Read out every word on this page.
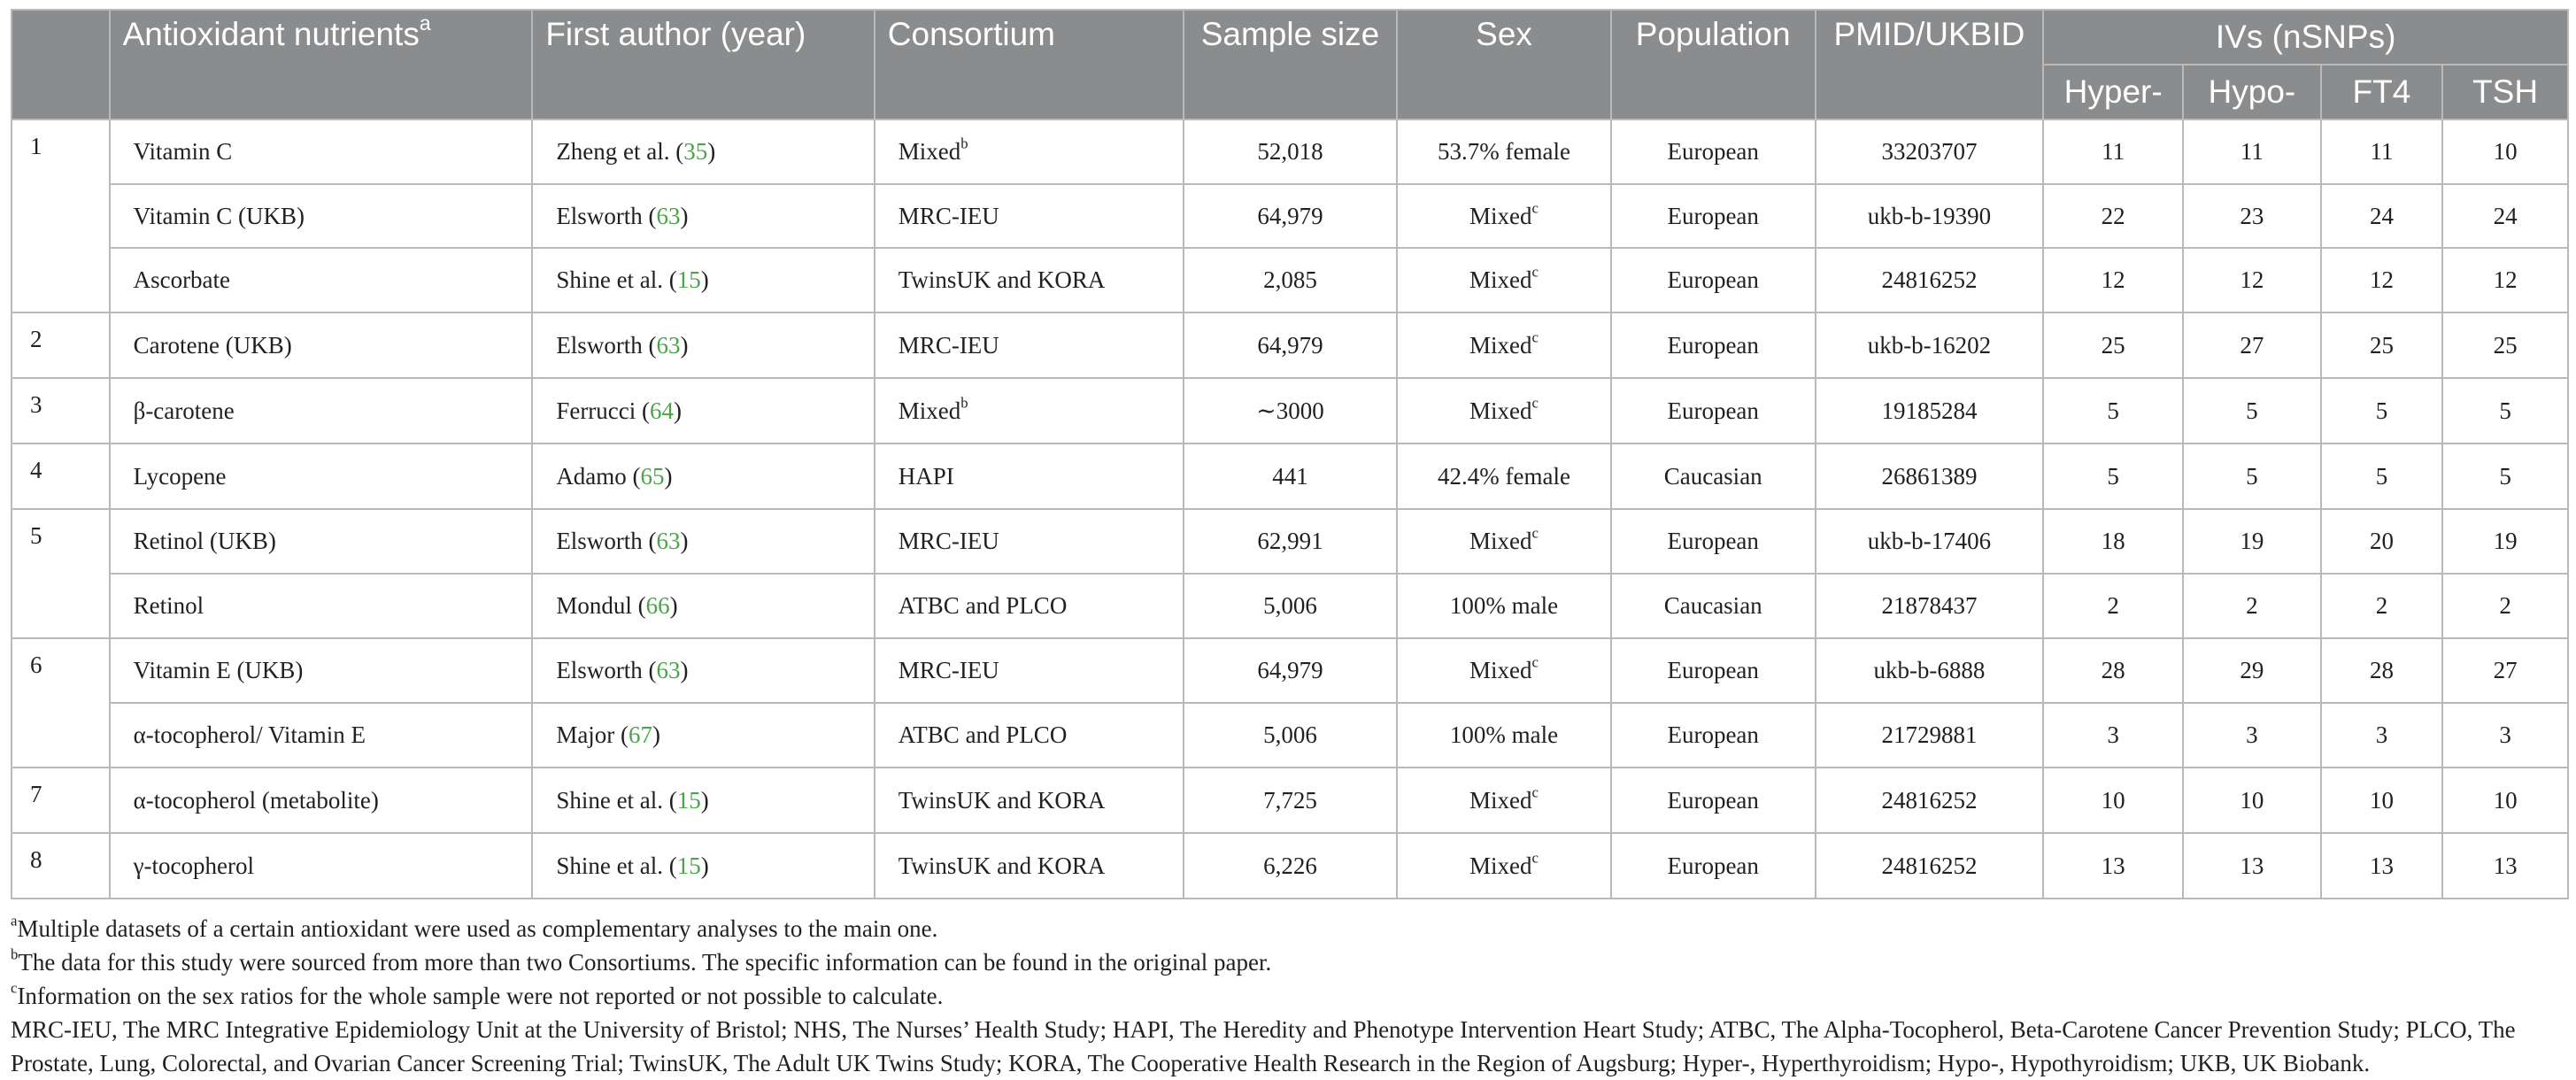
	Antioxidant nutrients$^a$	First author (year)	Consortium	Sample size	Sex	Population	PMID/UKBID	IVs (nSNPs)			
								Hyper-	Hypo-	FT4	TSH
1	Vitamin C	Zheng et al. (35)	Mixed$^b$	52,018	53.7% female	European	33203707	11	11	11	10
	Vitamin C (UKB)	Elsworth (63)	MRC-IEU	64,979	Mixed$^c$	European	ukb-b-19390	22	23	24	24
	Ascorbate	Shine et al. (15)	TwinsUK and KORA	2,085	Mixed$^c$	European	24816252	12	12	12	12
2	Carotene (UKB)	Elsworth (63)	MRC-IEU	64,979	Mixed$^c$	European	ukb-b-16202	25	27	25	25
3	β-carotene	Ferrucci (64)	Mixed$^b$	∼3000	Mixed$^c$	European	19185284	5	5	5	5
4	Lycopene	Adamo (65)	HAPI	441	42.4% female	Caucasian	26861389	5	5	5	5
5	Retinol (UKB)	Elsworth (63)	MRC-IEU	62,991	Mixed$^c$	European	ukb-b-17406	18	19	20	19
	Retinol	Mondul (66)	ATBC and PLCO	5,006	100% male	Caucasian	21878437	2	2	2	2
6	Vitamin E (UKB)	Elsworth (63)	MRC-IEU	64,979	Mixed$^c$	European	ukb-b-6888	28	29	28	27
	α-tocopherol/ Vitamin E	Major (67)	ATBC and PLCO	5,006	100% male	European	21729881	3	3	3	3
7	α-tocopherol (metabolite)	Shine et al. (15)	TwinsUK and KORA	7,725	Mixed$^c$	European	24816252	10	10	10	10
8	γ-tocopherol	Shine et al. (15)	TwinsUK and KORA	6,226	Mixed$^c$	European	24816252	13	13	13	13

$^a$Multiple datasets of a certain antioxidant were used as complementary analyses to the main one.

$^b$The data for this study were sourced from more than two Consortiums. The specific information can be found in the original paper.

$^c$Information on the sex ratios for the whole sample were not reported or not possible to calculate.

MRC-IEU, The MRC Integrative Epidemiology Unit at the University of Bristol; NHS, The Nurses’ Health Study; HAPI, The Heredity and Phenotype Intervention Heart Study; ATBC, The Alpha-Tocopherol, Beta-Carotene Cancer Prevention Study; PLCO, The Prostate, Lung, Colorectal, and Ovarian Cancer Screening Trial; TwinsUK, The Adult UK Twins Study; KORA, The Cooperative Health Research in the Region of Augsburg; Hyper-, Hyperthyroidism; Hypo-, Hypothyroidism; UKB, UK Biobank.
